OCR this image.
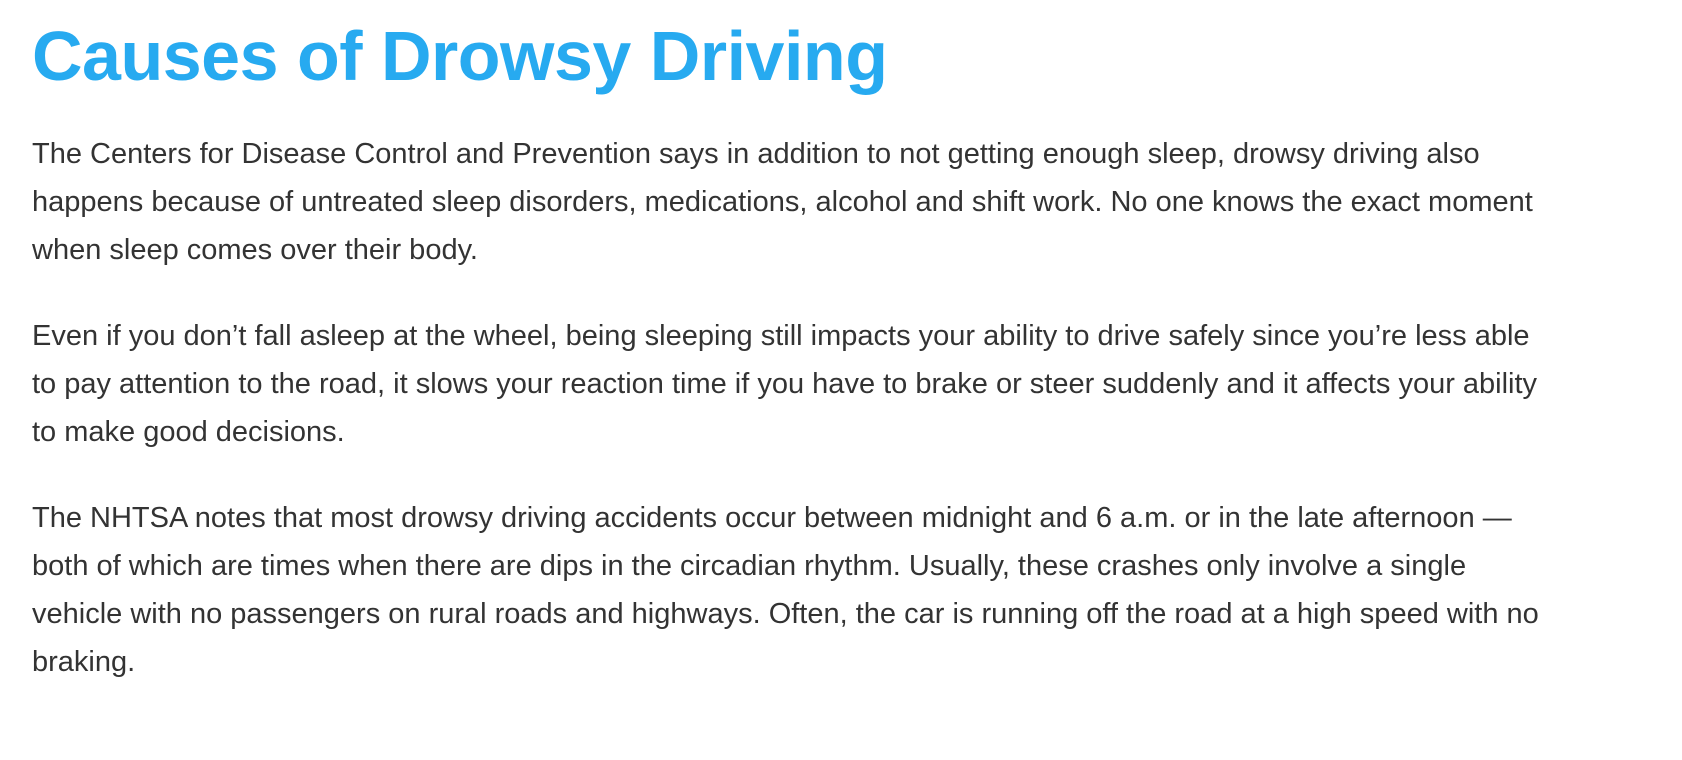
Causes of Drowsy Driving

The Centers for Disease Control and Prevention says in addition to not getting enough sleep, drowsy driving also happens because of untreated sleep disorders, medications, alcohol and shift work. No one knows the exact moment when sleep comes over their body.

Even if you don’t fall asleep at the wheel, being sleeping still impacts your ability to drive safely since you’re less able to pay attention to the road, it slows your reaction time if you have to brake or steer suddenly and it affects your ability to make good decisions.

The NHTSA notes that most drowsy driving accidents occur between midnight and 6 a.m. or in the late afternoon — both of which are times when there are dips in the circadian rhythm. Usually, these crashes only involve a single vehicle with no passengers on rural roads and highways. Often, the car is running off the road at a high speed with no braking.
